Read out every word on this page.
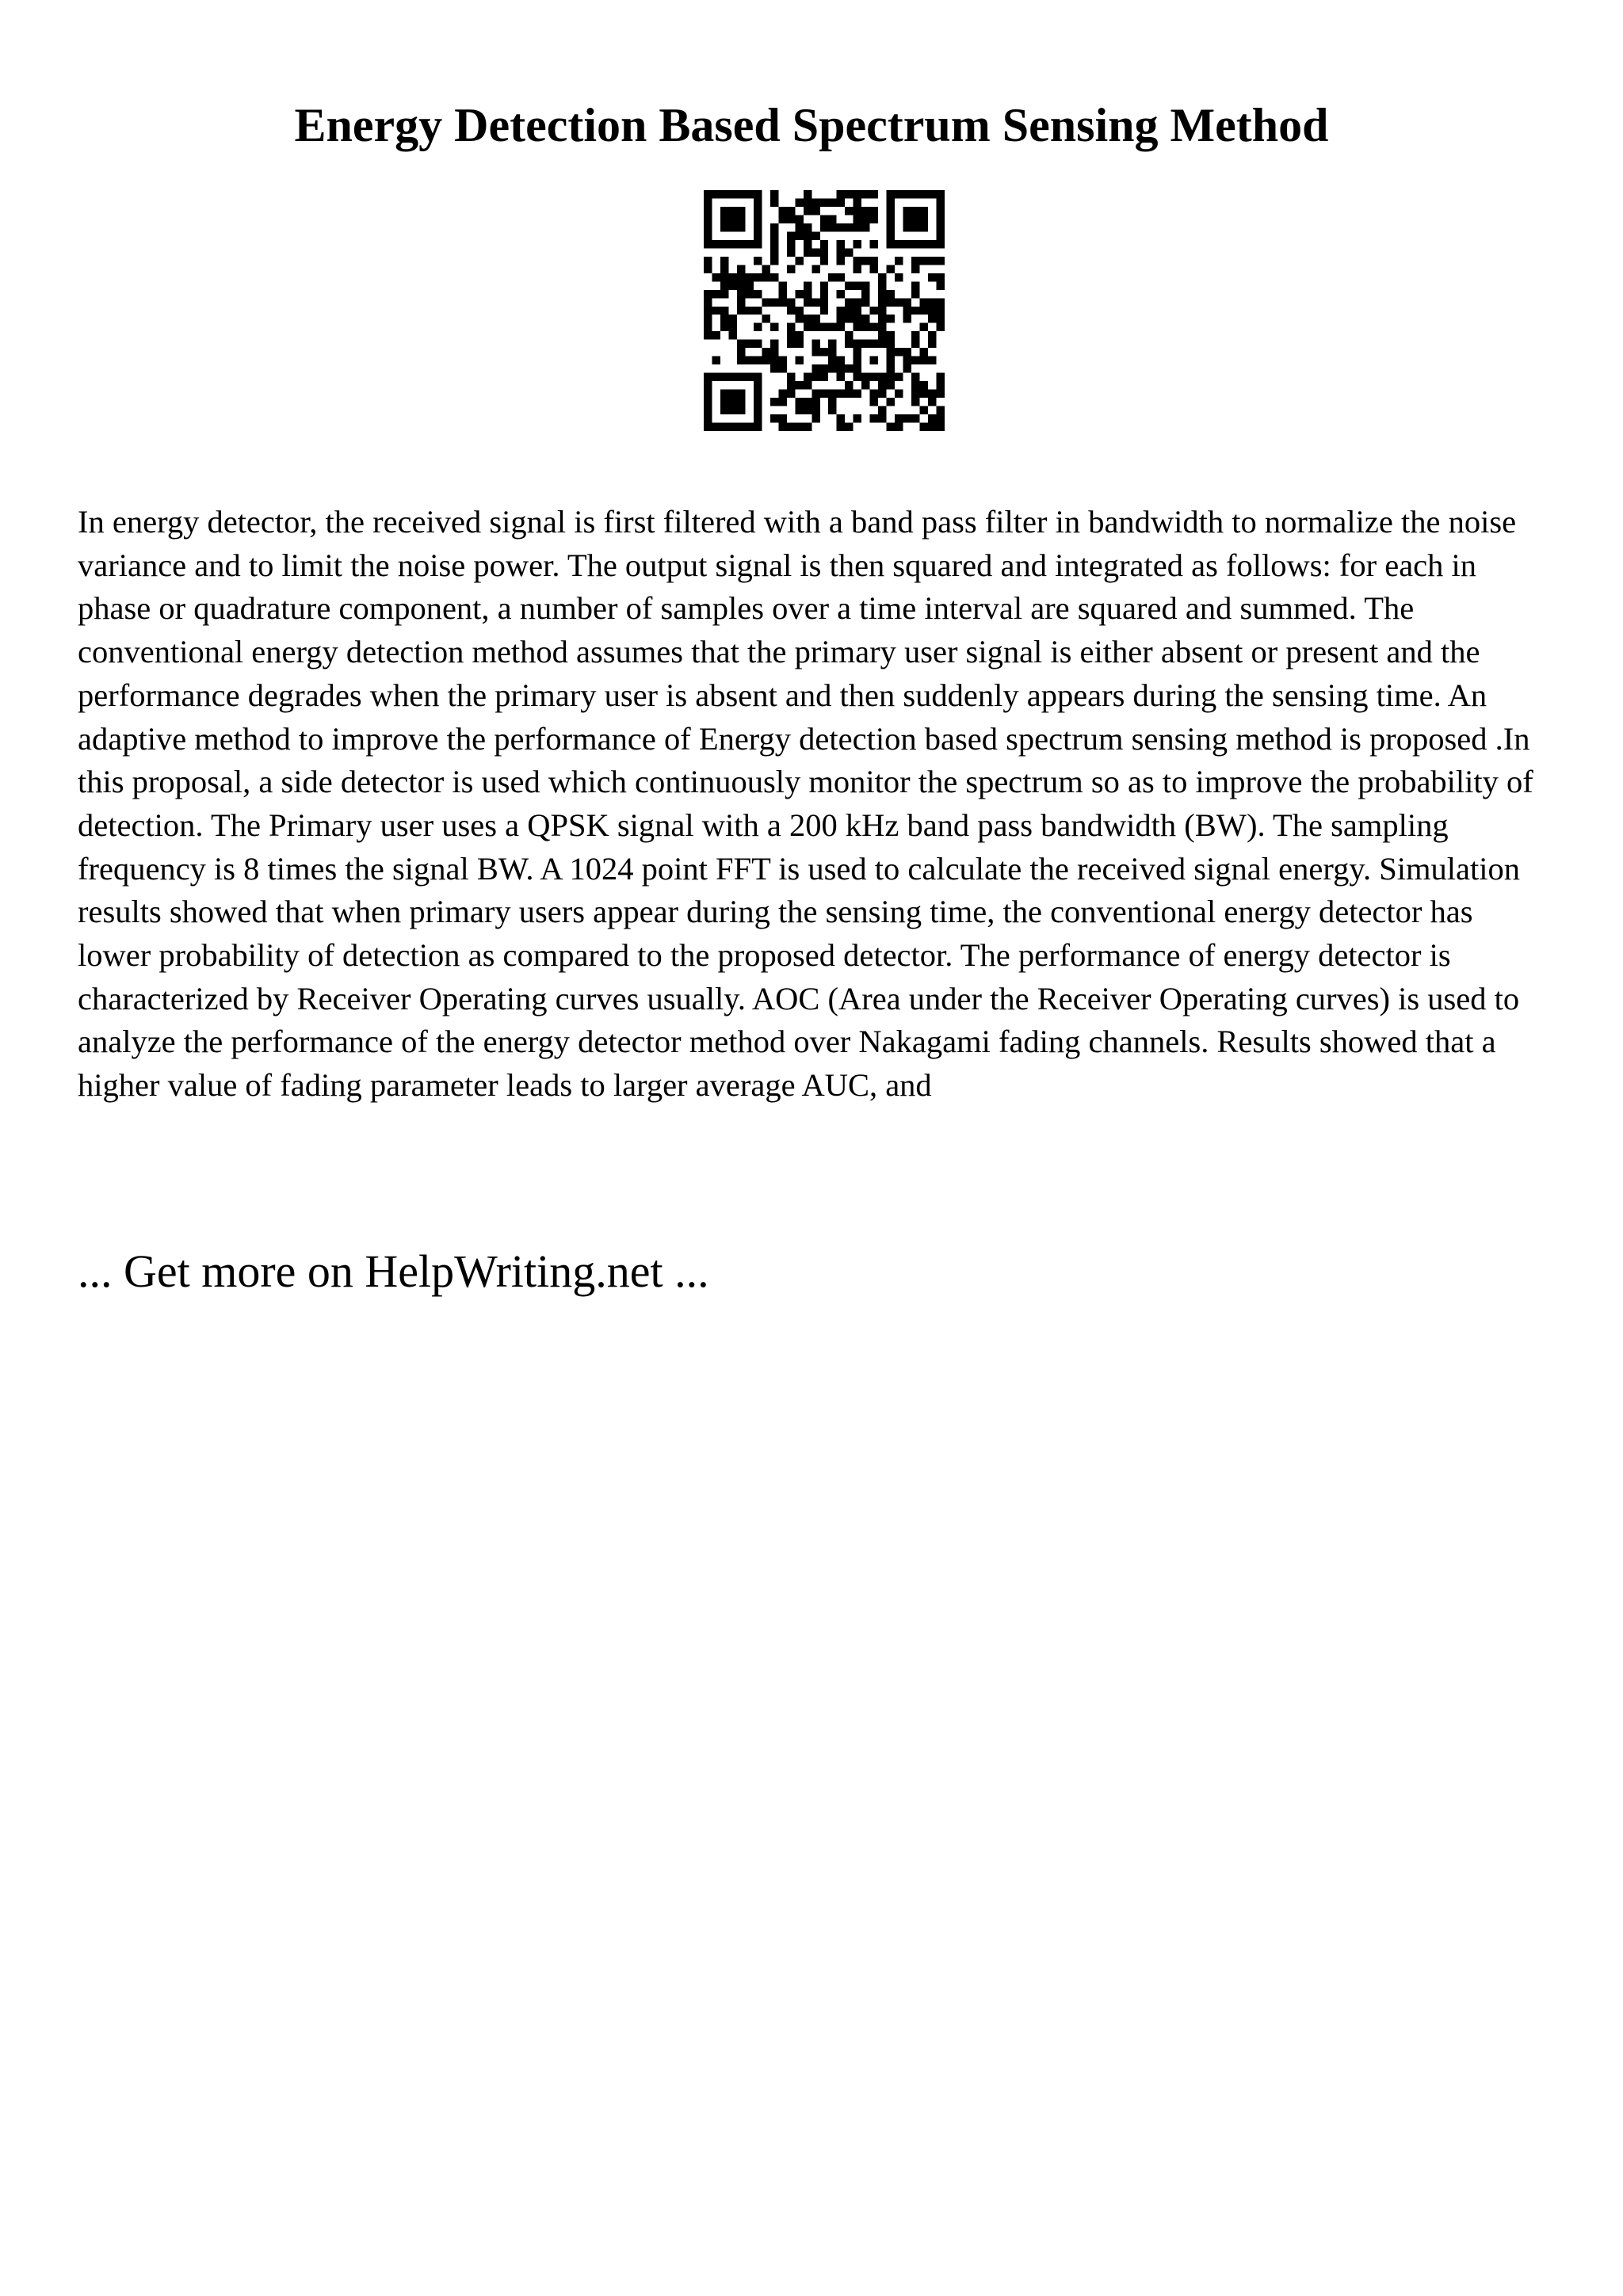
Energy Detection Based Spectrum Sensing Method

In energy detector, the received signal is first filtered with a band pass filter in bandwidth to normalize the noise variance and to limit the noise power. The output signal is then squared and integrated as follows: for each in phase or quadrature component, a number of samples over a time interval are squared and summed. The conventional energy detection method assumes that the primary user signal is either absent or present and the performance degrades when the primary user is absent and then suddenly appears during the sensing time. An adaptive method to improve the performance of Energy detection based spectrum sensing method is proposed .In this proposal, a side detector is used which continuously monitor the spectrum so as to improve the probability of detection. The Primary user uses a QPSK signal with a 200 kHz band pass bandwidth (BW). The sampling frequency is 8 times the signal BW. A 1024 point FFT is used to calculate the received signal energy. Simulation results showed that when primary users appear during the sensing time, the conventional energy detector has lower probability of detection as compared to the proposed detector. The performance of energy detector is characterized by Receiver Operating curves usually. AOC (Area under the Receiver Operating curves) is used to analyze the performance of the energy detector method over Nakagami fading channels. Results showed that a higher value of fading parameter leads to larger average AUC, and

... Get more on HelpWriting.net ...
